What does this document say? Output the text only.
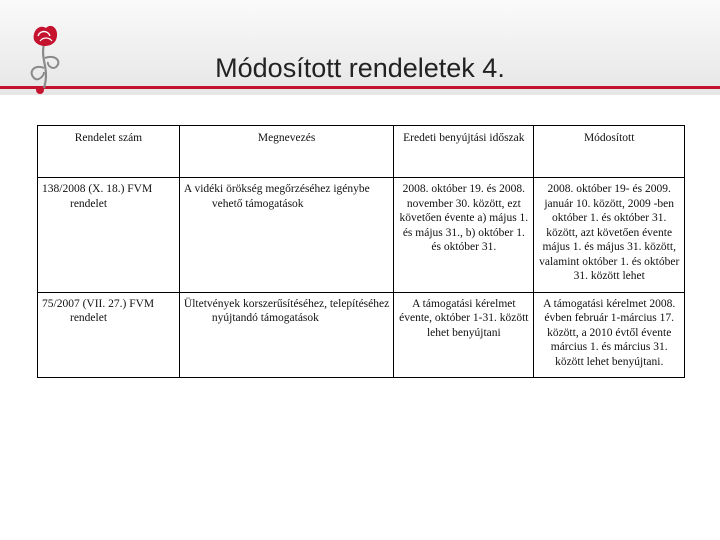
Módosított rendeletek 4.
Rendelet szám	Megnevezés	Eredeti benyújtási időszak	Módosított
138/2008 (X. 18.) FVM rendelet	A vidéki örökség megőrzéséhez igénybe vehető támogatások	2008. október 19. és 2008. november 30. között, ezt követően évente a) május 1. és május 31., b) október 1. és október 31.	2008. október 19- és 2009. január 10. között, 2009 -ben október 1. és október 31. között, azt követően évente május 1. és május 31. között, valamint október 1. és október 31. között lehet
75/2007 (VII. 27.) FVM rendelet	Ültetvények korszerűsítéséhez, telepítéséhez nyújtandó támogatások	A támogatási kérelmet évente, október 1-31. között lehet benyújtani	A támogatási kérelmet 2008. évben február 1-március 17. között, a 2010 évtől évente március 1. és március 31. között lehet benyújtani.
